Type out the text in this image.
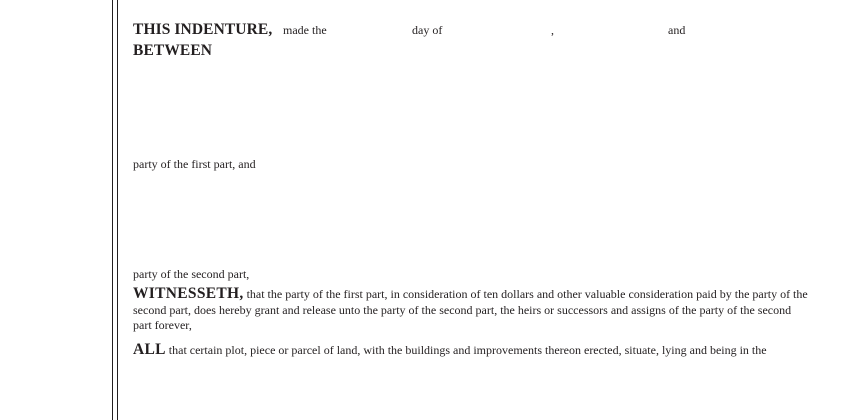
THIS INDENTURE, made the	day of	,	and
BETWEEN
party of the first part, and
party of the second part,
WITNESSETH, that the party of the first part, in consideration of ten dollars and other valuable consideration paid by the party of the second part, does hereby grant and release unto the party of the second part, the heirs or successors and assigns of the party of the second part forever,
ALL that certain plot, piece or parcel of land, with the buildings and improvements thereon erected, situate, lying and being in the
